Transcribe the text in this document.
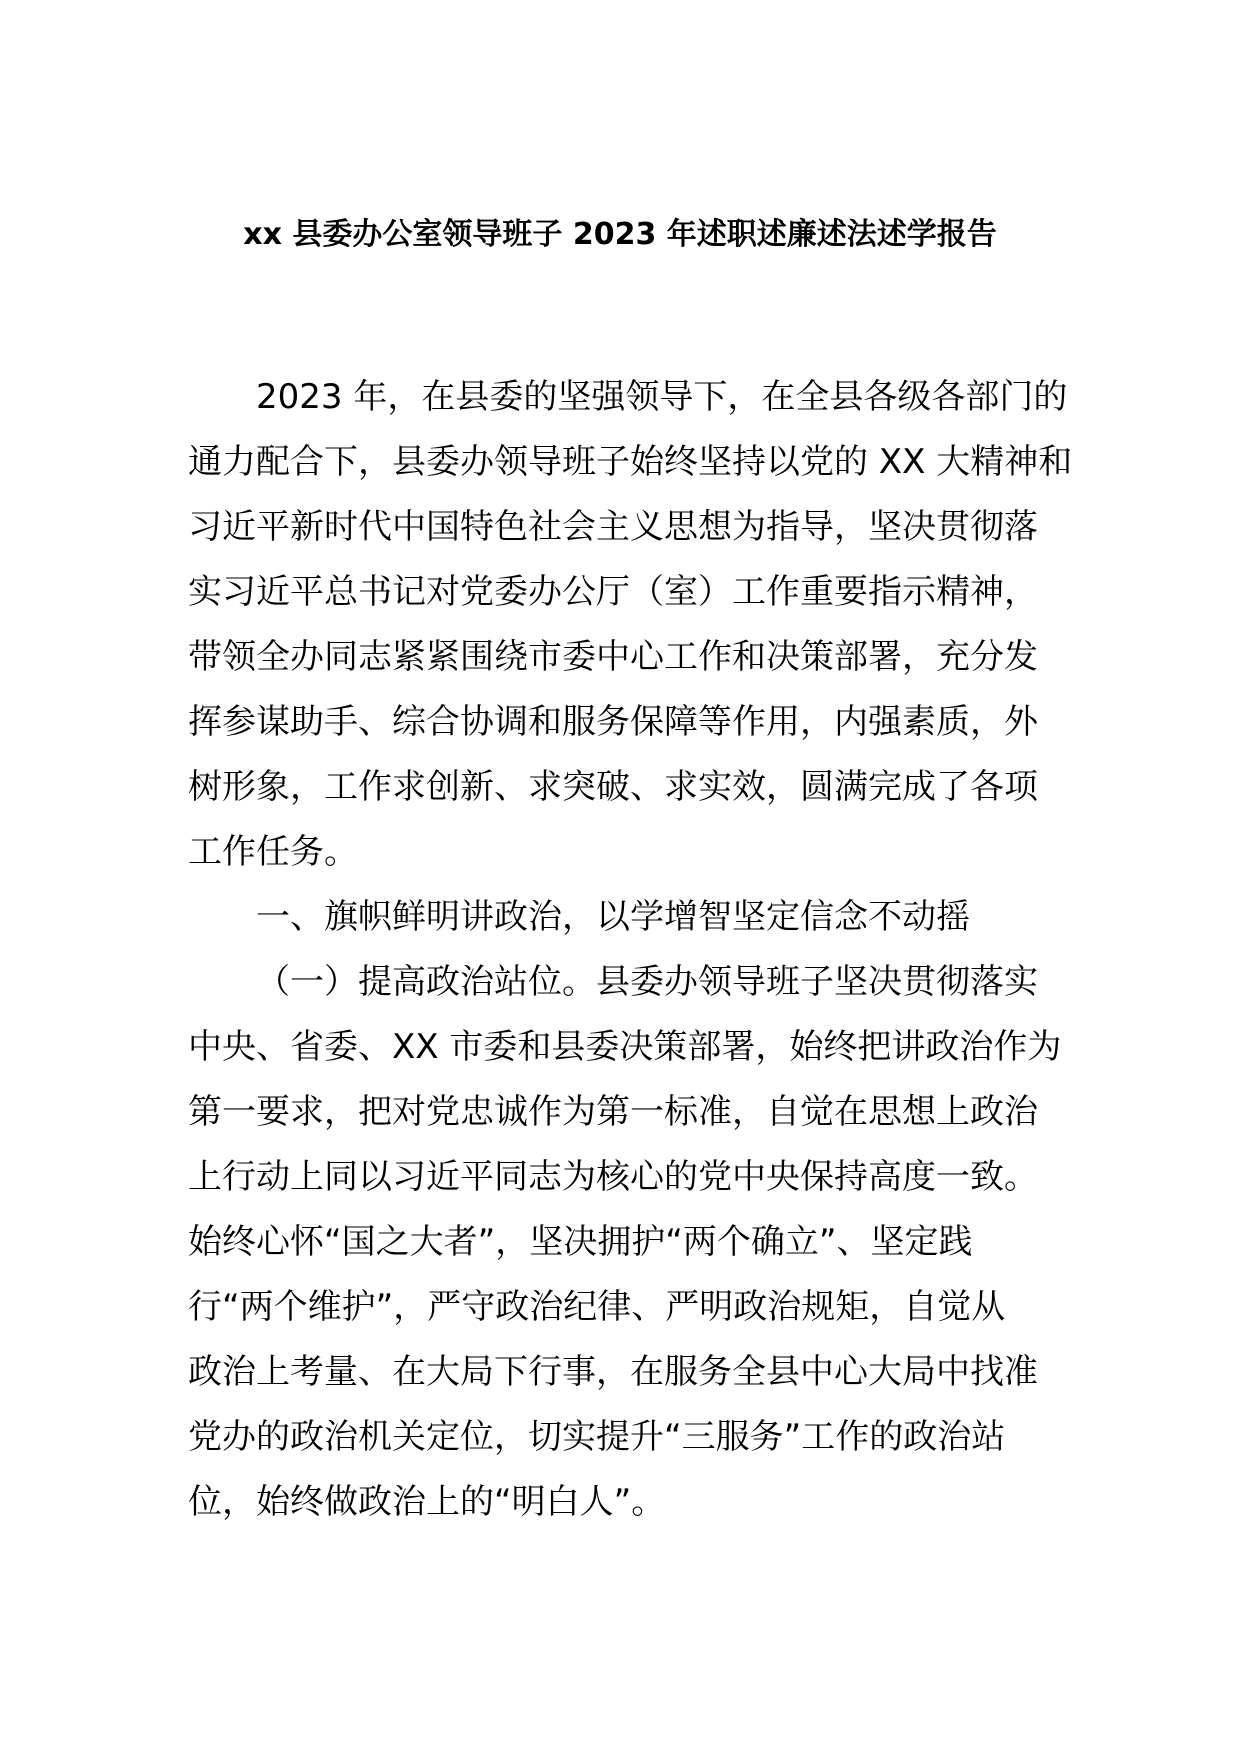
xx 县委办公室领导班子 2023 年述职述廉述法述学报告
2023 年，在县委的坚强领导下，在全县各级各部门的
通力配合下，县委办领导班子始终坚持以党的 XX 大精神和
习近平新时代中国特色社会主义思想为指导，坚决贯彻落
实习近平总书记对党委办公厅（室）工作重要指示精神，
带领全办同志紧紧围绕市委中心工作和决策部署，充分发
挥参谋助手、综合协调和服务保障等作用，内强素质，外
树形象，工作求创新、求突破、求实效，圆满完成了各项
工作任务。
一、旗帜鲜明讲政治，以学增智坚定信念不动摇
（一）提高政治站位。县委办领导班子坚决贯彻落实
中央、省委、XX 市委和县委决策部署，始终把讲政治作为
第一要求，把对党忠诚作为第一标准，自觉在思想上政治
上行动上同以习近平同志为核心的党中央保持高度一致。
始终心怀“国之大者”，坚决拥护“两个确立”、坚定践
行“两个维护”，严守政治纪律、严明政治规矩，自觉从
政治上考量、在大局下行事，在服务全县中心大局中找准
党办的政治机关定位，切实提升“三服务”工作的政治站
位，始终做政治上的“明白人”。
